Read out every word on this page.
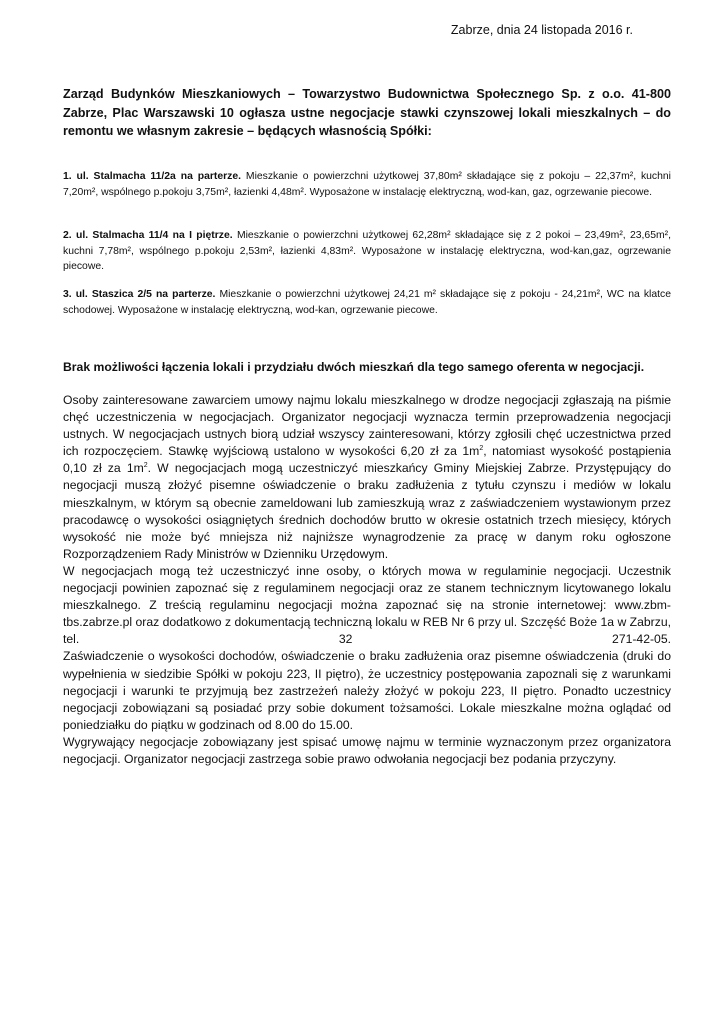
Zabrze, dnia 24 listopada 2016 r.
Zarząd Budynków Mieszkaniowych – Towarzystwo Budownictwa Społecznego Sp. z o.o. 41-800 Zabrze, Plac Warszawski 10 ogłasza ustne negocjacje stawki czynszowej lokali mieszkalnych – do remontu we własnym zakresie – będących własnością Spółki:
1. ul. Stalmacha 11/2a na parterze. Mieszkanie o powierzchni użytkowej 37,80m² składające się z pokoju – 22,37m², kuchni 7,20m², wspólnego p.pokoju 3,75m², łazienki 4,48m². Wyposażone w instalację elektryczną, wod-kan, gaz, ogrzewanie piecowe.
2. ul. Stalmacha 11/4 na I piętrze. Mieszkanie o powierzchni użytkowej 62,28m² składające się z 2 pokoi – 23,49m², 23,65m², kuchni 7,78m², wspólnego p.pokoju 2,53m², łazienki 4,83m². Wyposażone w instalację elektryczna, wod-kan,gaz, ogrzewanie piecowe.
3. ul. Staszica 2/5 na parterze. Mieszkanie o powierzchni użytkowej 24,21 m² składające się z pokoju - 24,21m², WC na klatce schodowej. Wyposażone w instalację elektryczną, wod-kan, ogrzewanie piecowe.
Brak możliwości łączenia lokali i przydziału dwóch mieszkań dla tego samego oferenta w negocjacji.

Osoby zainteresowane zawarciem umowy najmu lokalu mieszkalnego w drodze negocjacji zgłaszają na piśmie chęć uczestniczenia w negocjacjach. Organizator negocjacji wyznacza termin przeprowadzenia negocjacji ustnych. W negocjacjach ustnych biorą udział wszyscy zainteresowani, którzy zgłosili chęć uczestnictwa przed ich rozpoczęciem. Stawkę wyjściową ustalono w wysokości 6,20 zł za $1m^2$, natomiast wysokość postąpienia 0,10 zł za $1m^2$. W negocjacjach mogą uczestniczyć mieszkańcy Gminy Miejskiej Zabrze. Przystępujący do negocjacji muszą złożyć pisemne oświadczenie o braku zadłużenia z tytułu czynszu i mediów w lokalu mieszkalnym, w którym są obecnie zameldowani lub zamieszkują wraz z zaświadczeniem wystawionym przez pracodawcę o wysokości osiągniętych średnich dochodów brutto w okresie ostatnich trzech miesięcy, których wysokość nie może być mniejsza niż najniższe wynagrodzenie za pracę w danym roku ogłoszone Rozporządzeniem Rady Ministrów w Dzienniku Urzędowym.

W negocjacjach mogą też uczestniczyć inne osoby, o których mowa w regulaminie negocjacji. Uczestnik negocjacji powinien zapoznać się z regulaminem negocjacji oraz ze stanem technicznym licytowanego lokalu mieszkalnego. Z treścią regulaminu negocjacji można zapoznać się na stronie internetowej: www.zbm-tbs.zabrze.pl oraz dodatkowo z dokumentacją techniczną lokalu w REB Nr 6 przy ul. Szczęść Boże 1a w Zabrzu, tel. 32 271-42-05.

Zaświadczenie o wysokości dochodów, oświadczenie o braku zadłużenia oraz pisemne oświadczenia (druki do wypełnienia w siedzibie Spółki w pokoju 223, II piętro), że uczestnicy postępowania zapoznali się z warunkami negocjacji i warunki te przyjmują bez zastrzeżeń należy złożyć w pokoju 223, II piętro. Ponadto uczestnicy negocjacji zobowiązani są posiadać przy sobie dokument tożsamości. Lokale mieszkalne można oglądać od poniedziałku do piątku w godzinach od 8.00 do 15.00.

Wygrywający negocjacje zobowiązany jest spisać umowę najmu w terminie wyznaczonym przez organizatora negocjacji. Organizator negocjacji zastrzega sobie prawo odwołania negocjacji bez podania przyczyny.
